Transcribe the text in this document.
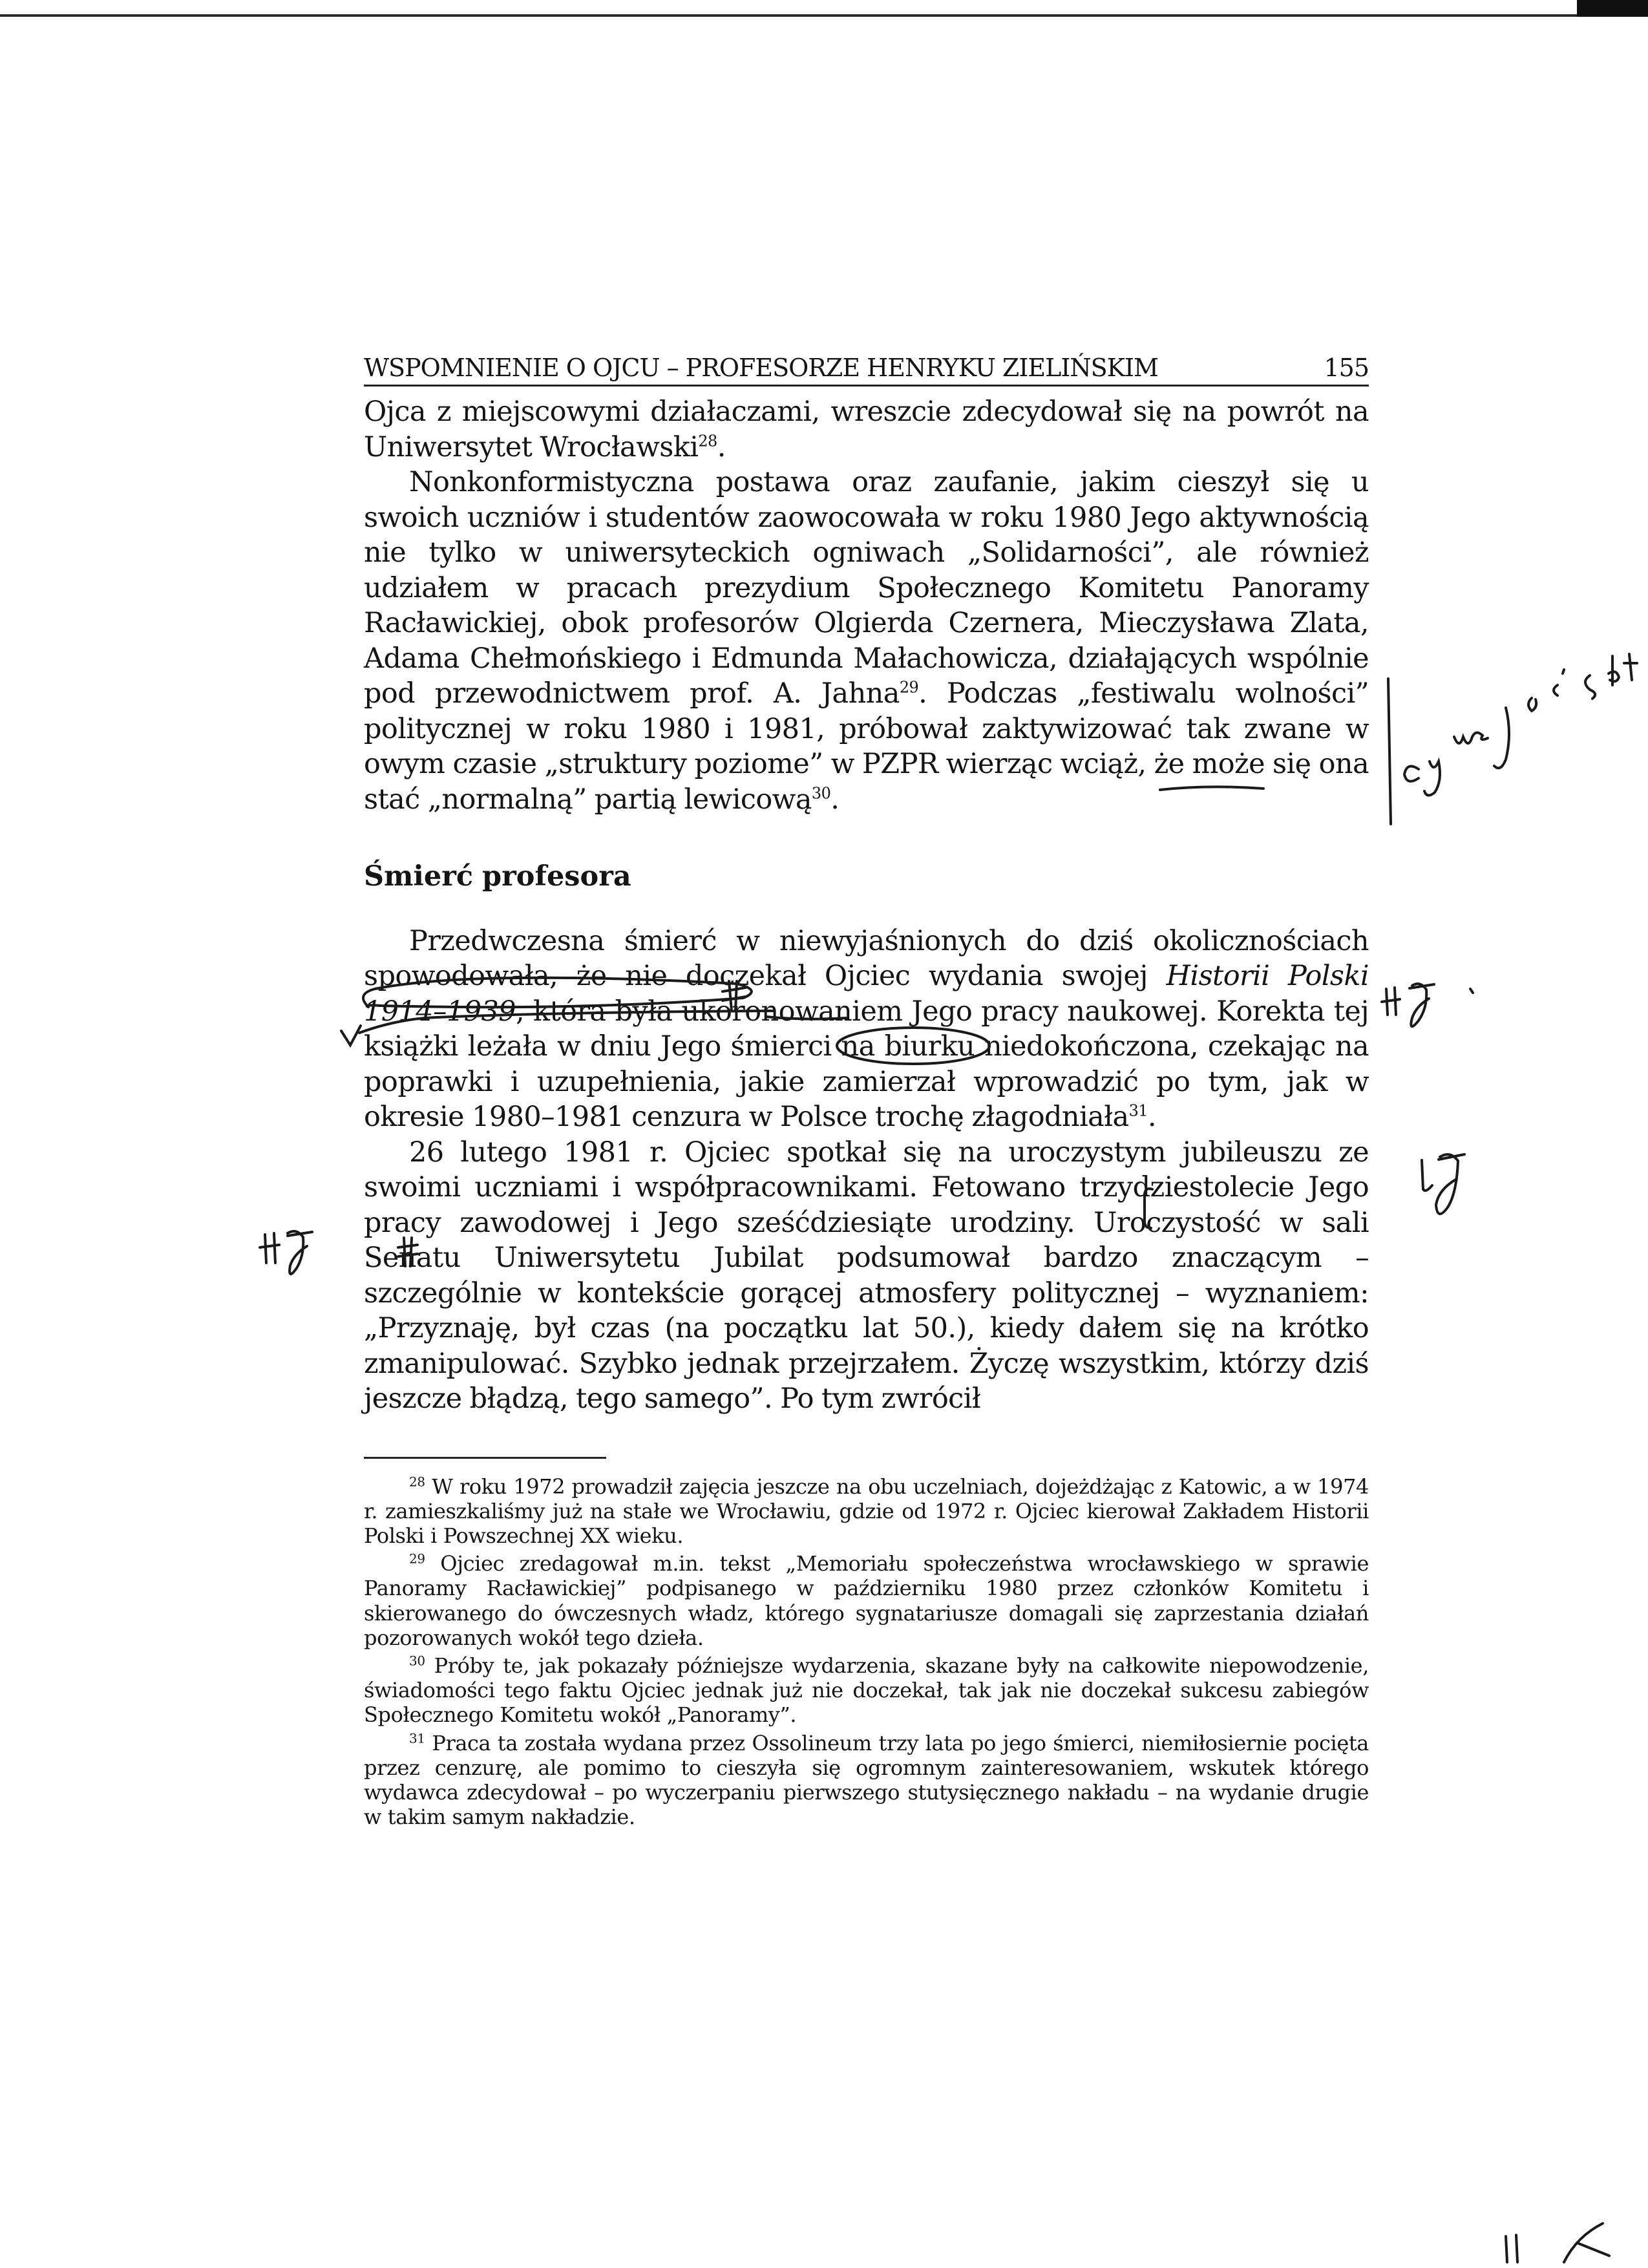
WSPOMNIENIE O OJCU – PROFESORZE HENRYKU ZIELIŃSKIM	155

Ojca z miejscowymi działaczami, wreszcie zdecydował się na powrót na Uniwersytet Wrocławski$^{28}$.

Nonkonformistyczna postawa oraz zaufanie, jakim cieszył się u swoich uczniów i studentów zaowocowała w roku 1980 Jego aktywnością nie tylko w uniwersyteckich ogniwach „Solidarności”, ale również udziałem w pracach prezydium Społecznego Komitetu Panoramy Racławickiej, obok profesorów Olgierda Czernera, Mieczysława Zlata, Adama Chełmońskiego i Edmunda Małachowicza, działających wspólnie pod przewodnictwem prof. A. Jahna$^{29}$. Podczas „festiwalu wolności” politycznej w roku 1980 i 1981, próbował zaktywizować tak zwane w owym czasie „struktury poziome” w PZPR wierząc wciąż, że może się ona stać „normalną” partią lewicową$^{30}$.

Śmierć profesora

Przedwczesna śmierć w niewyjaśnionych do dziś okolicznościach spowodowała, że nie doczekał Ojciec wydania swojej Historii Polski 1914–1939, która była ukoronowaniem Jego pracy naukowej. Korekta tej książki leżała w dniu Jego śmierci na biurku niedokończona, czekając na poprawki i uzupełnienia, jakie zamierzał wprowadzić po tym, jak w okresie 1980–1981 cenzura w Polsce trochę złagodniała$^{31}$.

26 lutego 1981 r. Ojciec spotkał się na uroczystym jubileuszu ze swoimi uczniami i współpracownikami. Fetowano trzydziestolecie Jego pracy zawodowej i Jego sześćdziesiąte urodziny. Uroczystość w sali Senatu Uniwersytetu Jubilat podsumował bardzo znaczącym – szczególnie w kontekście gorącej atmosfery politycznej – wyznaniem: „Przyznaję, był czas (na początku lat 50.), kiedy dałem się na krótko zmanipulować. Szybko jednak przejrzałem. Życzę wszystkim, którzy dziś jeszcze błądzą, tego samego”. Po tym zwrócił

$^{28}$ W roku 1972 prowadził zajęcia jeszcze na obu uczelniach, dojeżdżając z Katowic, a w 1974 r. zamieszkaliśmy już na stałe we Wrocławiu, gdzie od 1972 r. Ojciec kierował Zakładem Historii Polski i Powszechnej XX wieku.

$^{29}$ Ojciec zredagował m.in. tekst „Memoriału społeczeństwa wrocławskiego w sprawie Panoramy Racławickiej” podpisanego w październiku 1980 przez członków Komitetu i skierowanego do ówczesnych władz, którego sygnatariusze domagali się zaprzestania działań pozorowanych wokół tego dzieła.

$^{30}$ Próby te, jak pokazały późniejsze wydarzenia, skazane były na całkowite niepowodzenie, świadomości tego faktu Ojciec jednak już nie doczekał, tak jak nie doczekał sukcesu zabiegów Społecznego Komitetu wokół „Panoramy”.

$^{31}$ Praca ta została wydana przez Ossolineum trzy lata po jego śmierci, niemiłosiernie pocięta przez cenzurę, ale pomimo to cieszyła się ogromnym zainteresowaniem, wskutek którego wydawca zdecydował – po wyczerpaniu pierwszego stutysięcznego nakładu – na wydanie drugie w takim samym nakładzie.
